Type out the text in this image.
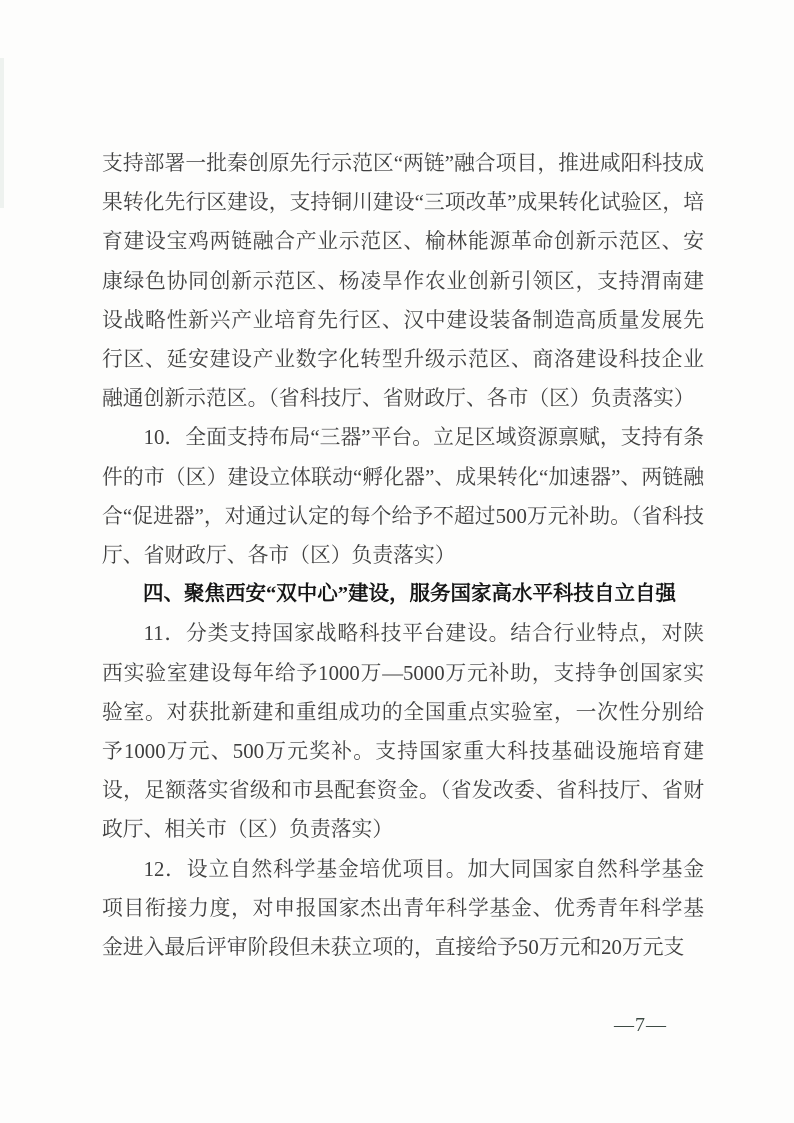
支持部署一批秦创原先行示范区“两链”融合项目，推进咸阳科技成果转化先行区建设，支持铜川建设“三项改革”成果转化试验区，培育建设宝鸡两链融合产业示范区、榆林能源革命创新示范区、安康绿色协同创新示范区、杨凌旱作农业创新引领区，支持渭南建设战略性新兴产业培育先行区、汉中建设装备制造高质量发展先行区、延安建设产业数字化转型升级示范区、商洛建设科技企业融通创新示范区。（省科技厅、省财政厅、各市（区）负责落实）

10．全面支持布局“三器”平台。立足区域资源禀赋，支持有条件的市（区）建设立体联动“孵化器”、成果转化“加速器”、两链融合“促进器”，对通过认定的每个给予不超过500万元补助。（省科技厅、省财政厅、各市（区）负责落实）

四、聚焦西安“双中心”建设，服务国家高水平科技自立自强

11．分类支持国家战略科技平台建设。结合行业特点，对陕西实验室建设每年给予1000万—5000万元补助，支持争创国家实验室。对获批新建和重组成功的全国重点实验室，一次性分别给予1000万元、500万元奖补。支持国家重大科技基础设施培育建设，足额落实省级和市县配套资金。（省发改委、省科技厅、省财政厅、相关市（区）负责落实）

12．设立自然科学基金培优项目。加大同国家自然科学基金项目衔接力度，对申报国家杰出青年科学基金、优秀青年科学基金进入最后评审阶段但未获立项的，直接给予50万元和20万元支

—7—
